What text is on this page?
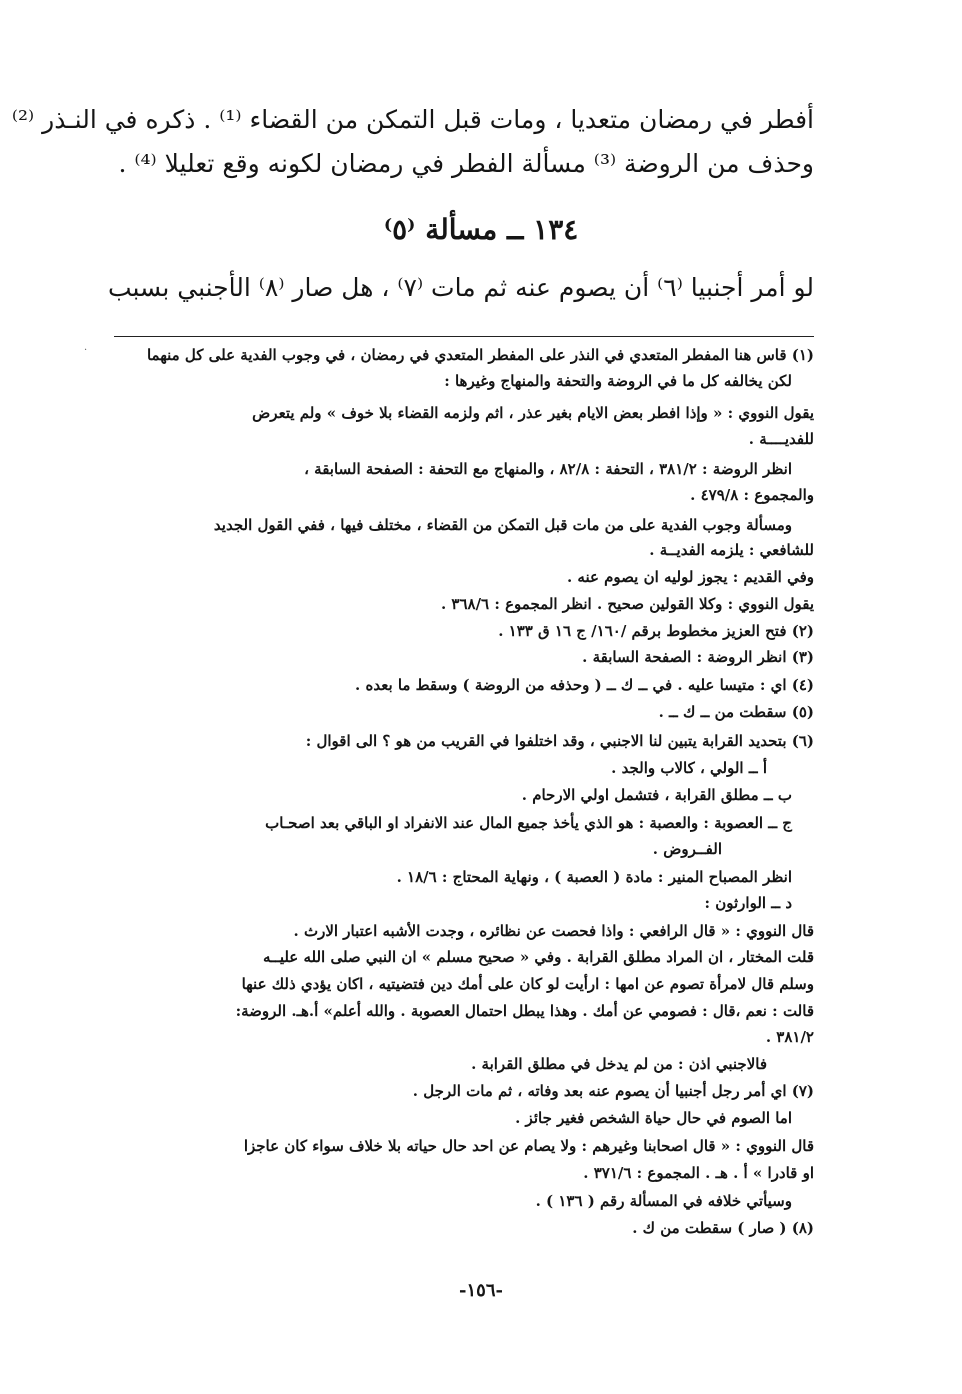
أفطر في رمضان متعديا ، ومات قبل التمكن من القضاء ⁽¹⁾ . ذكره في النـذر ⁽²⁾
وحذف من الروضة ⁽³⁾ مسألة الفطر في رمضان لكونه وقع تعليلا ⁽⁴⁾ .
١٣٤ ــ مسألة ⁽٥⁾
لو أمر أجنبيا ⁽٦⁾ أن يصوم عنه ثم مات ⁽٧⁾ ، هل صار ⁽٨⁾ الأجنبي بسبب
·	(١) قاس هنا المفطر المتعدي في النذر على المفطر المتعدي في رمضان ، في وجوب الفدية على كل منهما
لكن يخالفه كل ما في الروضة والتحفة والمنهاج وغيرها :
يقول النووي : « وإذا افطر بعض الايام بغير عذر ، اثم ولزمه القضاء بلا خوف » ولم يتعرض
للفديــــة .
انظر الروضة : ٣٨١/٢ ، التحفة : ٨٢/٨ ، والمنهاج مع التحفة : الصفحة السابقة ،
والمجموع : ٤٧٩/٨ .
ومسألة وجوب الفدية على من مات قبل التمكن من القضاء ، مختلف فيها ، ففي القول الجديد
للشافعي : يلزمه الفديــة .
وفي القديم : يجوز لوليه ان يصوم عنه .
يقول النووي : وكلا القولين صحيح . انظر المجموع : ٣٦٨/٦ .
(٢) فتح العزيز مخطوط برقم /١٦٠/ ج ١٦ ق ١٣٣ .
(٣) انظر الروضة : الصفحة السابقة .
(٤) اي : متيسا عليه . في ــ ك ــ ( وحذفه من الروضة ) وسقط ما بعده .
(٥) سقطت من ــ ك ــ .
(٦) بتحديد القرابة يتبين لنا الاجنبي ، وقد اختلفوا في القريب من هو ؟ الى اقوال :
أ ــ الولي ، كالاب والجد .
ب ــ مطلق القرابة ، فتشمل اولي الارحام .
ج ــ العصوبة : والعصبة : هو الذي يأخذ جميع المال عند الانفراد او الباقي بعد اصحـاب
الفــروض .
انظر المصباح المنير : مادة ( العصبة ) ، ونهاية المحتاج : ١٨/٦ .
د ــ الوارثون :
قال النووي : « قال الرافعي : واذا فحصت عن نظائره ، وجدت الأشبه اعتبار الارث .
قلت المختار ، ان المراد مطلق القرابة . وفي « صحيح مسلم » ان النبي صلى الله عليــه
وسلم قال لامرأة تصوم عن امها : ارأيت لو كان على أمك دين فتضيتيه ، اكان يؤدي ذلك عنها
قالت : نعم ،قال : فصومي عن أمك . وهذا يبطل احتمال العصوبة . والله أعلم» أ.هـ. الروضة:
٣٨١/٢ .
فالاجنبي اذن : من لم يدخل في مطلق القرابة .
(٧) اي أمر رجل أجنبيا أن يصوم عنه بعد وفاته ، ثم مات الرجل .
اما الصوم في حال حياة الشخص فغير جائز .
قال النووي : « قال اصحابنا وغيرهم : ولا يصام عن احد حال حياته بلا خلاف سواء كان عاجزا
او قادرا » أ . هـ . المجموع : ٣٧١/٦ .
وسيأتي خلافه في المسألة رقم ( ١٣٦ ) .
(٨) ( صار ) سقطت من ك .
-١٥٦-
